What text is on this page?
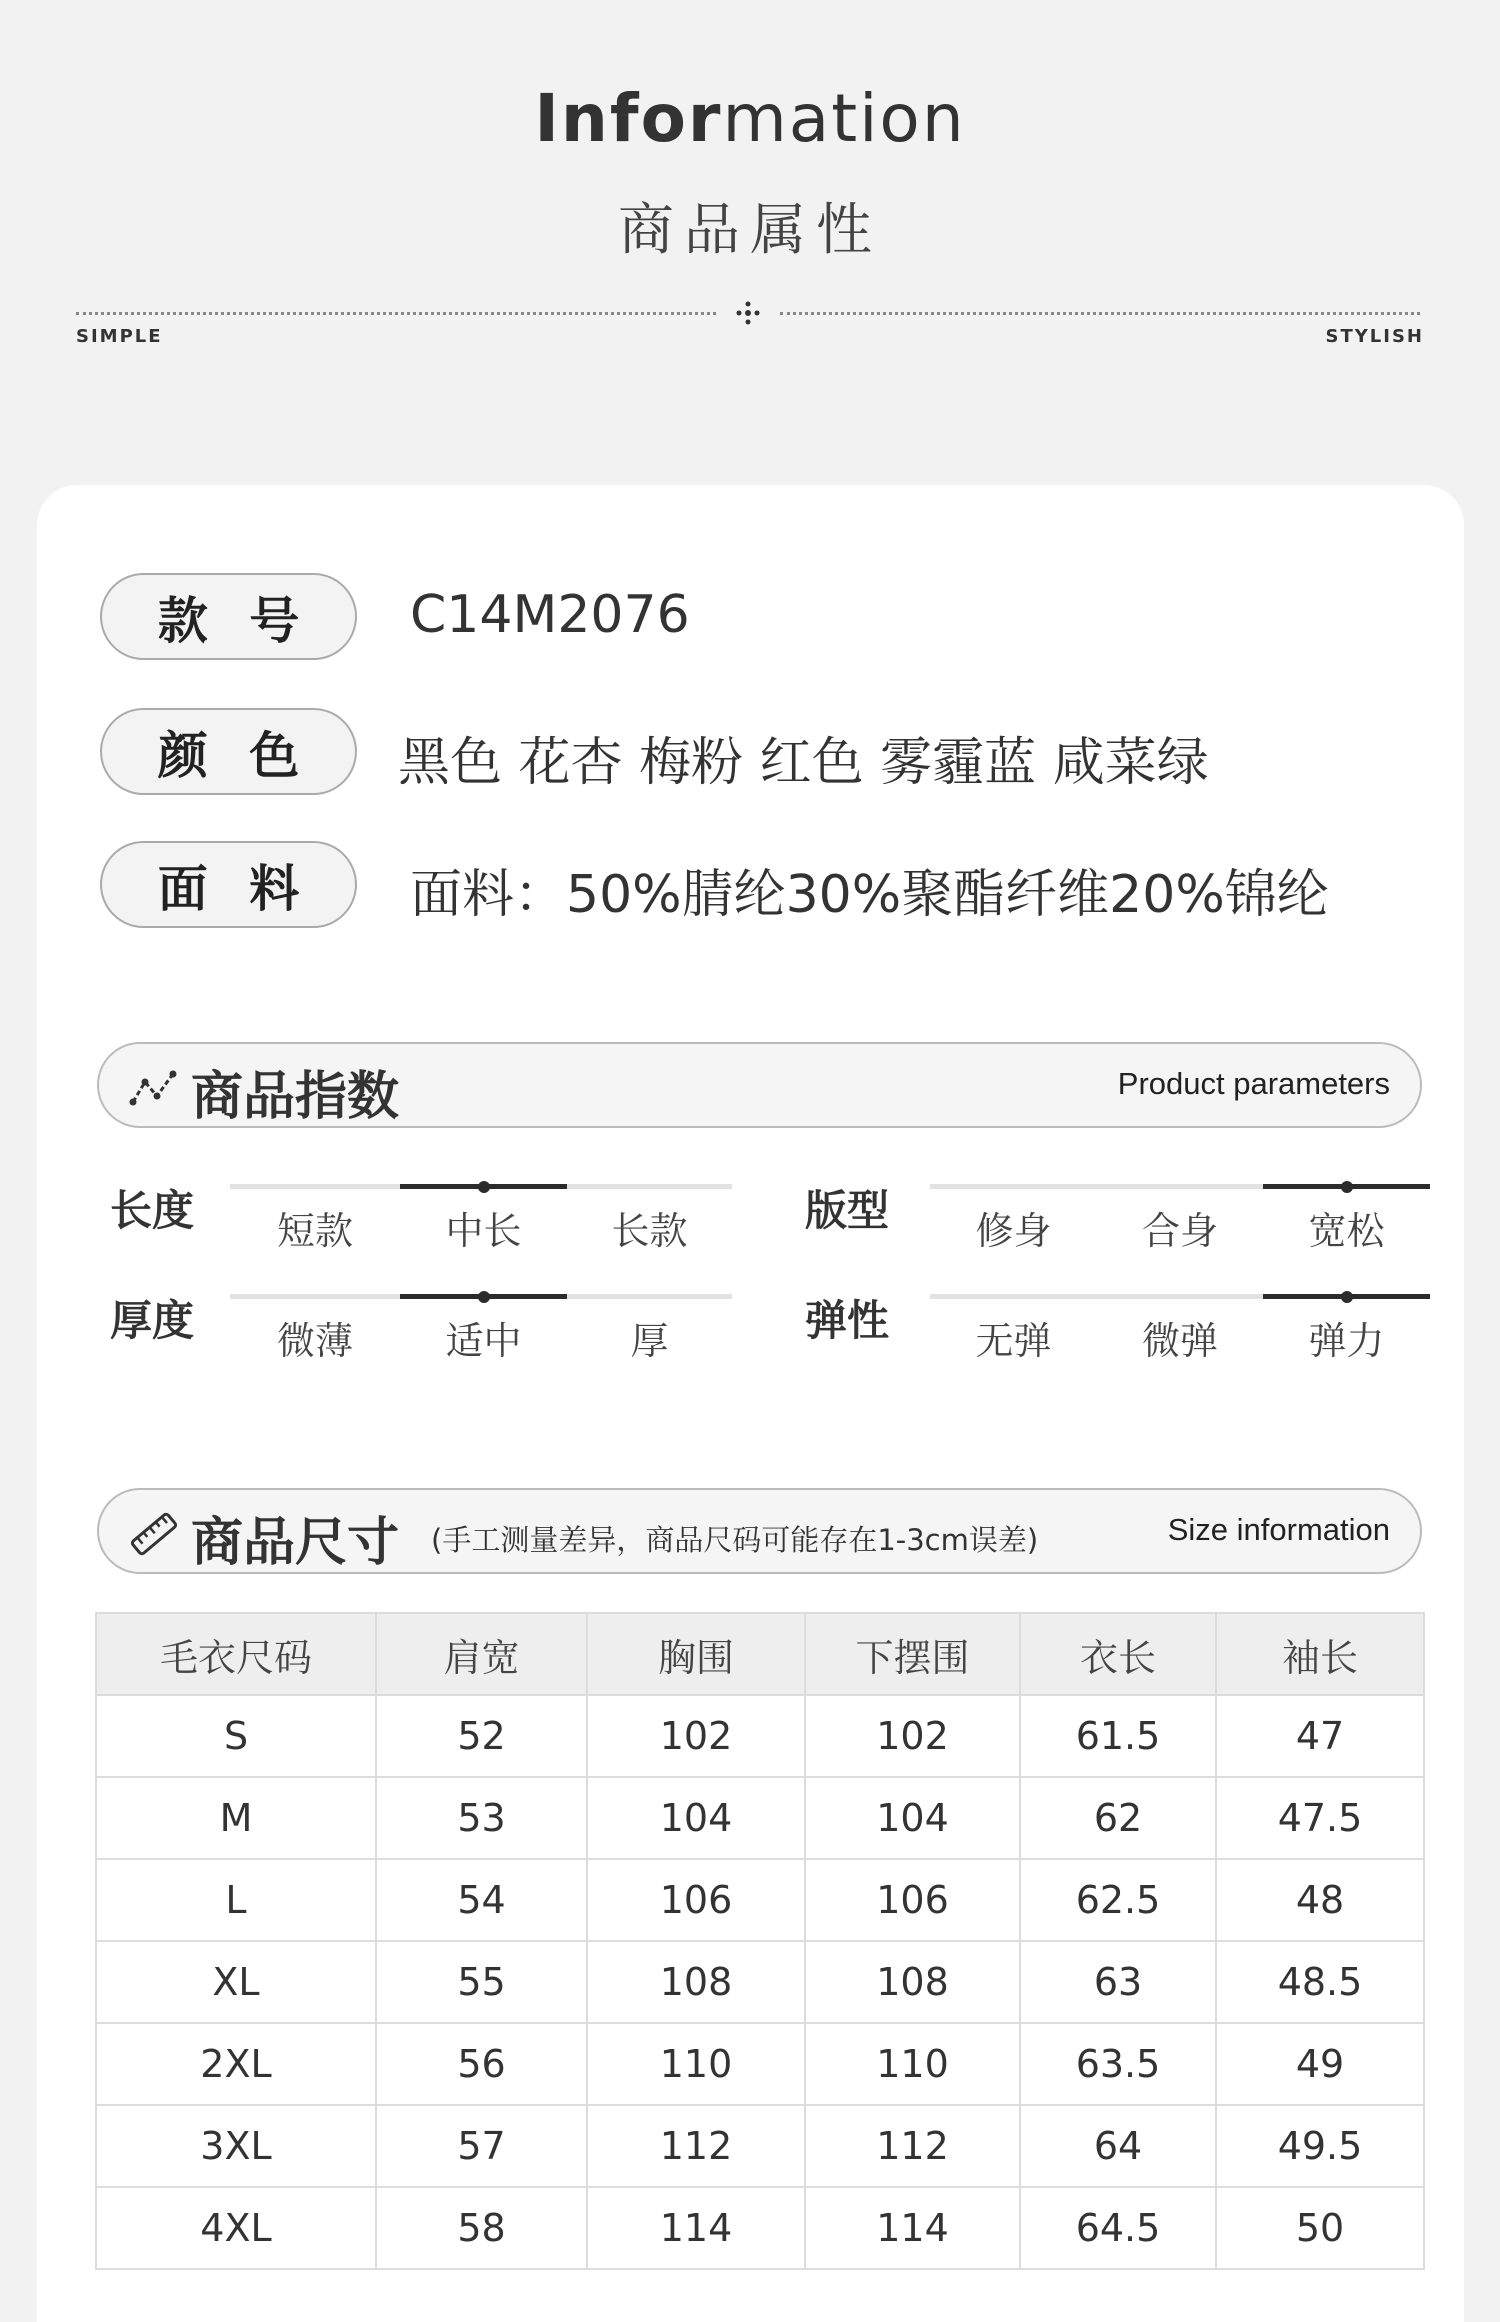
Information
商品属性
SIMPLE	STYLISH
款 号	C14M2076
颜 色	黑色 花杏 梅粉 红色 雾霾蓝 咸菜绿
面 料	面料：50%腈纶30%聚酯纤维20%锦纶
商品指数	Product parameters
长度	短款	中长	长款	版型	修身	合身	宽松
厚度	微薄	适中	厚	弹性	无弹	微弹	弹力
商品尺寸 (手工测量差异，商品尺码可能存在1-3cm误差)	Size information
毛衣尺码	肩宽	胸围	下摆围	衣长	袖长
S	52	102	102	61.5	47
M	53	104	104	62	47.5
L	54	106	106	62.5	48
XL	55	108	108	63	48.5
2XL	56	110	110	63.5	49
3XL	57	112	112	64	49.5
4XL	58	114	114	64.5	50
